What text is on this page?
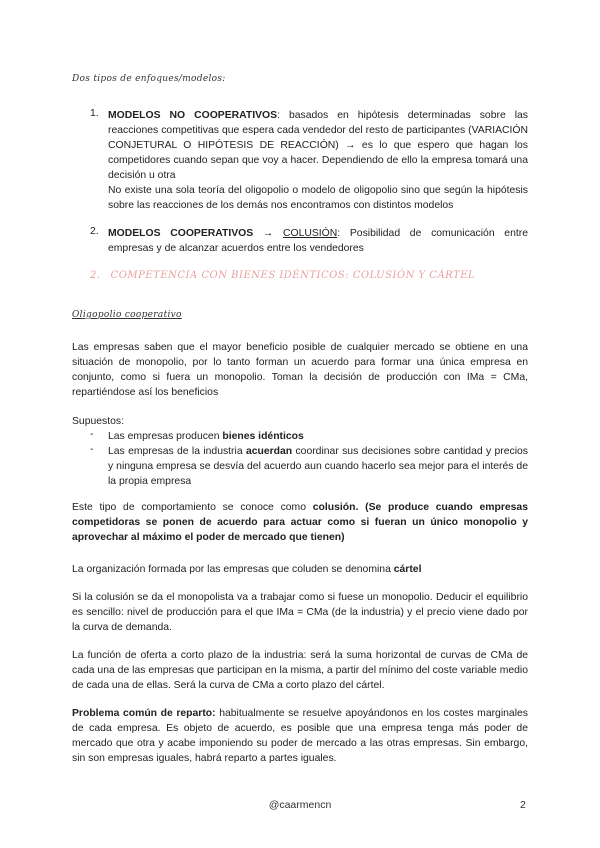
Dos tipos de enfoques/modelos:
1. MODELOS NO COOPERATIVOS: basados en hipótesis determinadas sobre las reacciones competitivas que espera cada vendedor del resto de participantes (VARIACIÓN CONJETURAL O HIPÓTESIS DE REACCIÓN) → es lo que espero que hagan los competidores cuando sepan que voy a hacer. Dependiendo de ello la empresa tomará una decisión u otra
No existe una sola teoría del oligopolio o modelo de oligopolio sino que según la hipótesis sobre las reacciones de los demás nos encontramos con distintos modelos
2. MODELOS COOPERATIVOS → COLUSIÓN: Posibilidad de comunicación entre empresas y de alcanzar acuerdos entre los vendedores
2. COMPETENCIA CON BIENES IDÉNTICOS: COLUSIÓN Y CÁRTEL
Oligopolio cooperativo
Las empresas saben que el mayor beneficio posible de cualquier mercado se obtiene en una situación de monopolio, por lo tanto forman un acuerdo para formar una única empresa en conjunto, como si fuera un monopolio. Toman la decisión de producción con IMa = CMa, repartiéndose así los beneficios
Supuestos:
- Las empresas producen bienes idénticos
- Las empresas de la industria acuerdan coordinar sus decisiones sobre cantidad y precios y ninguna empresa se desvía del acuerdo aun cuando hacerlo sea mejor para el interés de la propia empresa
Este tipo de comportamiento se conoce como colusión. (Se produce cuando empresas competidoras se ponen de acuerdo para actuar como si fueran un único monopolio y aprovechar al máximo el poder de mercado que tienen)
La organización formada por las empresas que coluden se denomina cártel
Si la colusión se da el monopolista va a trabajar como si fuese un monopolio. Deducir el equilibrio es sencillo: nivel de producción para el que IMa = CMa (de la industria) y el precio viene dado por la curva de demanda.
La función de oferta a corto plazo de la industria: será la suma horizontal de curvas de CMa de cada una de las empresas que participan en la misma, a partir del mínimo del coste variable medio de cada una de ellas. Será la curva de CMa a corto plazo del cártel.
Problema común de reparto: habitualmente se resuelve apoyándonos en los costes marginales de cada empresa. Es objeto de acuerdo, es posible que una empresa tenga más poder de mercado que otra y acabe imponiendo su poder de mercado a las otras empresas. Sin embargo, sin son empresas iguales, habrá reparto a partes iguales.
@caarmencn	2
